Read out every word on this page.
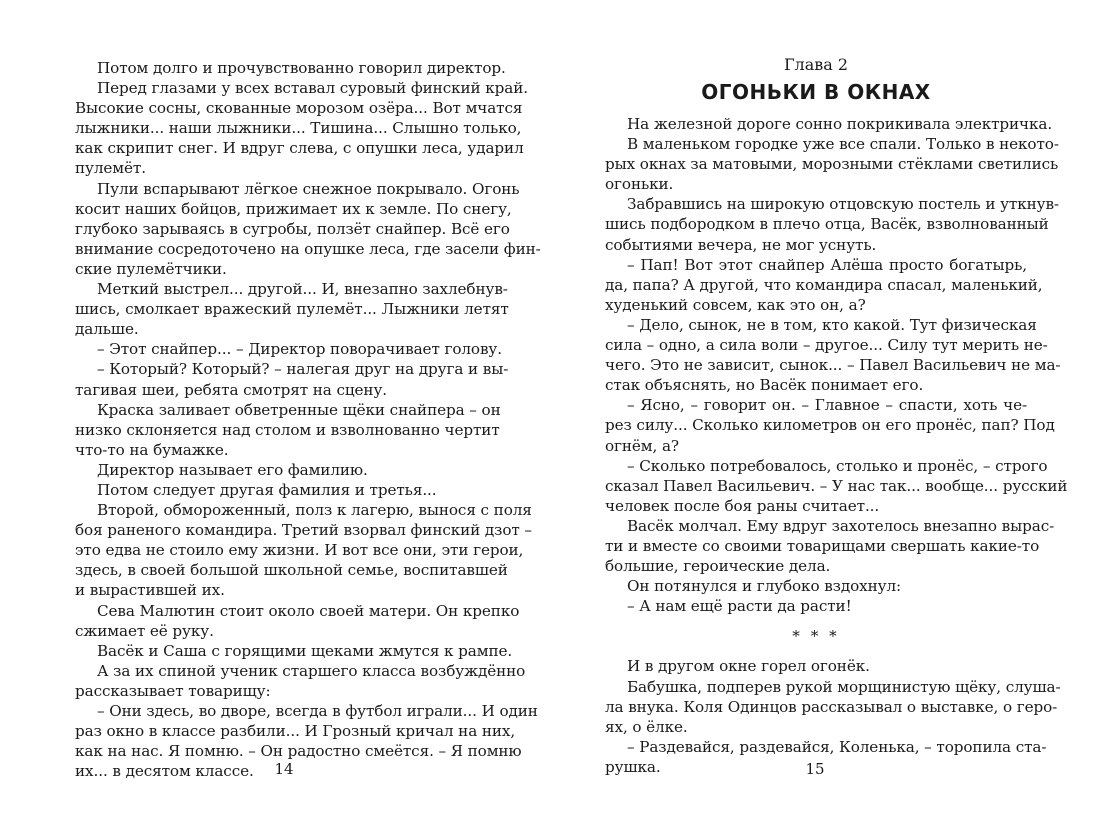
Потом долго и прочувствованно говорил директор.
Перед глазами у всех вставал суровый финский край.
Высокие сосны, скованные морозом озёра... Вот мчатся
лыжники... наши лыжники... Тишина... Слышно только,
как скрипит снег. И вдруг слева, с опушки леса, ударил
пулемёт.
Пули вспарывают лёгкое снежное покрывало. Огонь
косит наших бойцов, прижимает их к земле. По снегу,
глубоко зарываясь в сугробы, ползёт снайпер. Всё его
внимание сосредоточено на опушке леса, где засели фин-
ские пулемётчики.
Меткий выстрел... другой... И, внезапно захлебнув-
шись, смолкает вражеский пулемёт... Лыжники летят
дальше.
– Этот снайпер... – Директор поворачивает голову.
– Который? Который? – налегая друг на друга и вы-
тагивая шеи, ребята смотрят на сцену.
Краска заливает обветренные щёки снайпера – он
низко склоняется над столом и взволнованно чертит
что-то на бумажке.
Директор называет его фамилию.
Потом следует другая фамилия и третья...
Второй, обмороженный, полз к лагерю, вынося с поля
боя раненого командира. Третий взорвал финский дзот –
это едва не стоило ему жизни. И вот все они, эти герои,
здесь, в своей большой школьной семье, воспитавшей
и вырастившей их.
Сева Малютин стоит около своей матери. Он крепко
сжимает её руку.
Васёк и Саша с горящими щеками жмутся к рампе.
А за их спиной ученик старшего класса возбуждённо
рассказывает товарищу:
– Они здесь, во дворе, всегда в футбол играли... И один
раз окно в классе разбили... И Грозный кричал на них,
как на нас. Я помню. – Он радостно смеётся. – Я помню
их... в десятом классе.
Глава 2
ОГОНЬКИ В ОКНАХ
На железной дороге сонно покрикивала электричка.
В маленьком городке уже все спали. Только в некото-
рых окнах за матовыми, морозными стёклами светились
огоньки.
Забравшись на широкую отцовскую постель и уткнув-
шись подбородком в плечо отца, Васёк, взволнованный
событиями вечера, не мог уснуть.
– Пап! Вот этот снайпер Алёша просто богатырь,
да, папа? А другой, что командира спасал, маленький,
худенький совсем, как это он, а?
– Дело, сынок, не в том, кто какой. Тут физическая
сила – одно, а сила воли – другое... Силу тут мерить не-
чего. Это не зависит, сынок... – Павел Васильевич не ма-
стак объяснять, но Васёк понимает его.
– Ясно, – говорит он. – Главное – спасти, хоть че-
рез силу... Сколько километров он его пронёс, пап? Под
огнём, а?
– Сколько потребовалось, столько и пронёс, – строго
сказал Павел Васильевич. – У нас так... вообще... русский
человек после боя раны считает...
Васёк молчал. Ему вдруг захотелось внезапно вырас-
ти и вместе со своими товарищами свершать какие-то
большие, героические дела.
Он потянулся и глубоко вздохнул:
– А нам ещё расти да расти!
* * *
И в другом окне горел огонёк.
Бабушка, подперев рукой морщинистую щёку, слуша-
ла внука. Коля Одинцов рассказывал о выставке, о геро-
ях, о ёлке.
– Раздевайся, раздевайся, Коленька, – торопила ста-
рушка.
14	15
